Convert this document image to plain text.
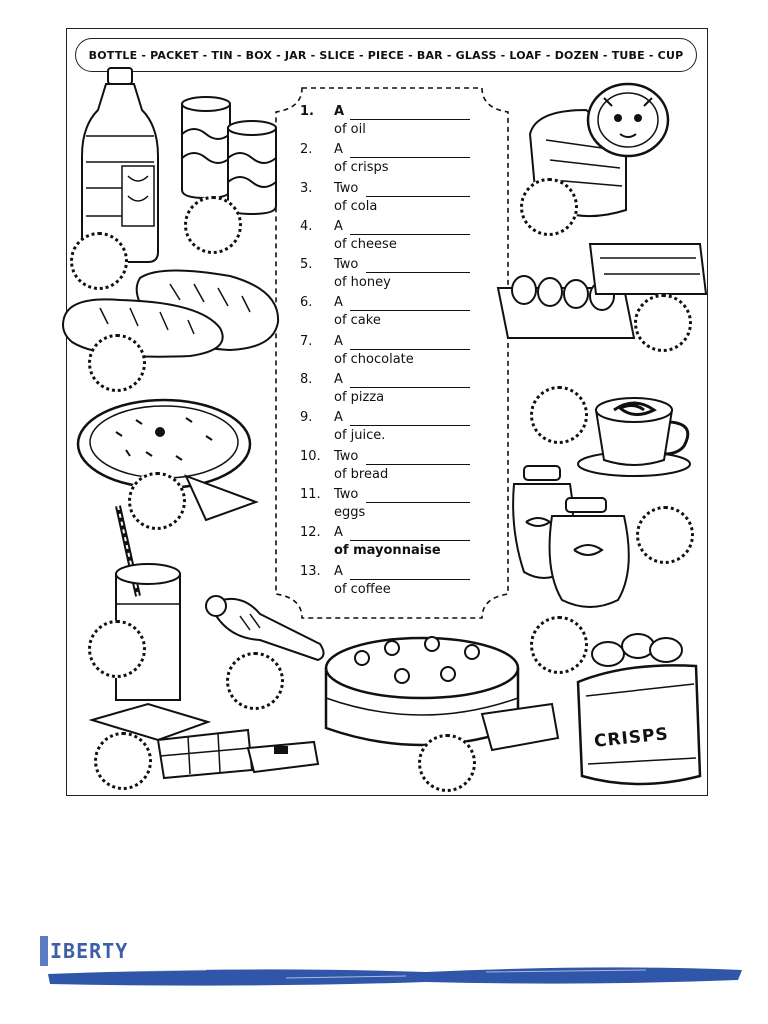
BOTTLE - PACKET - TIN - BOX - JAR - SLICE - PIECE - BAR - GLASS - LOAF - DOZEN - TUBE - CUP
1.	A
of oil
2.	A
of crisps
3.	Two
of cola
4.	A
of cheese
5.	Two
of honey
6.	A
of cake
7.	A
of chocolate
8.	A
of pizza
9.	A
of juice.
10.	Two
of bread
11.	Two
eggs
12.	A
of mayonnaise
13.	A
of coffee
CRISPS
IBERTY
